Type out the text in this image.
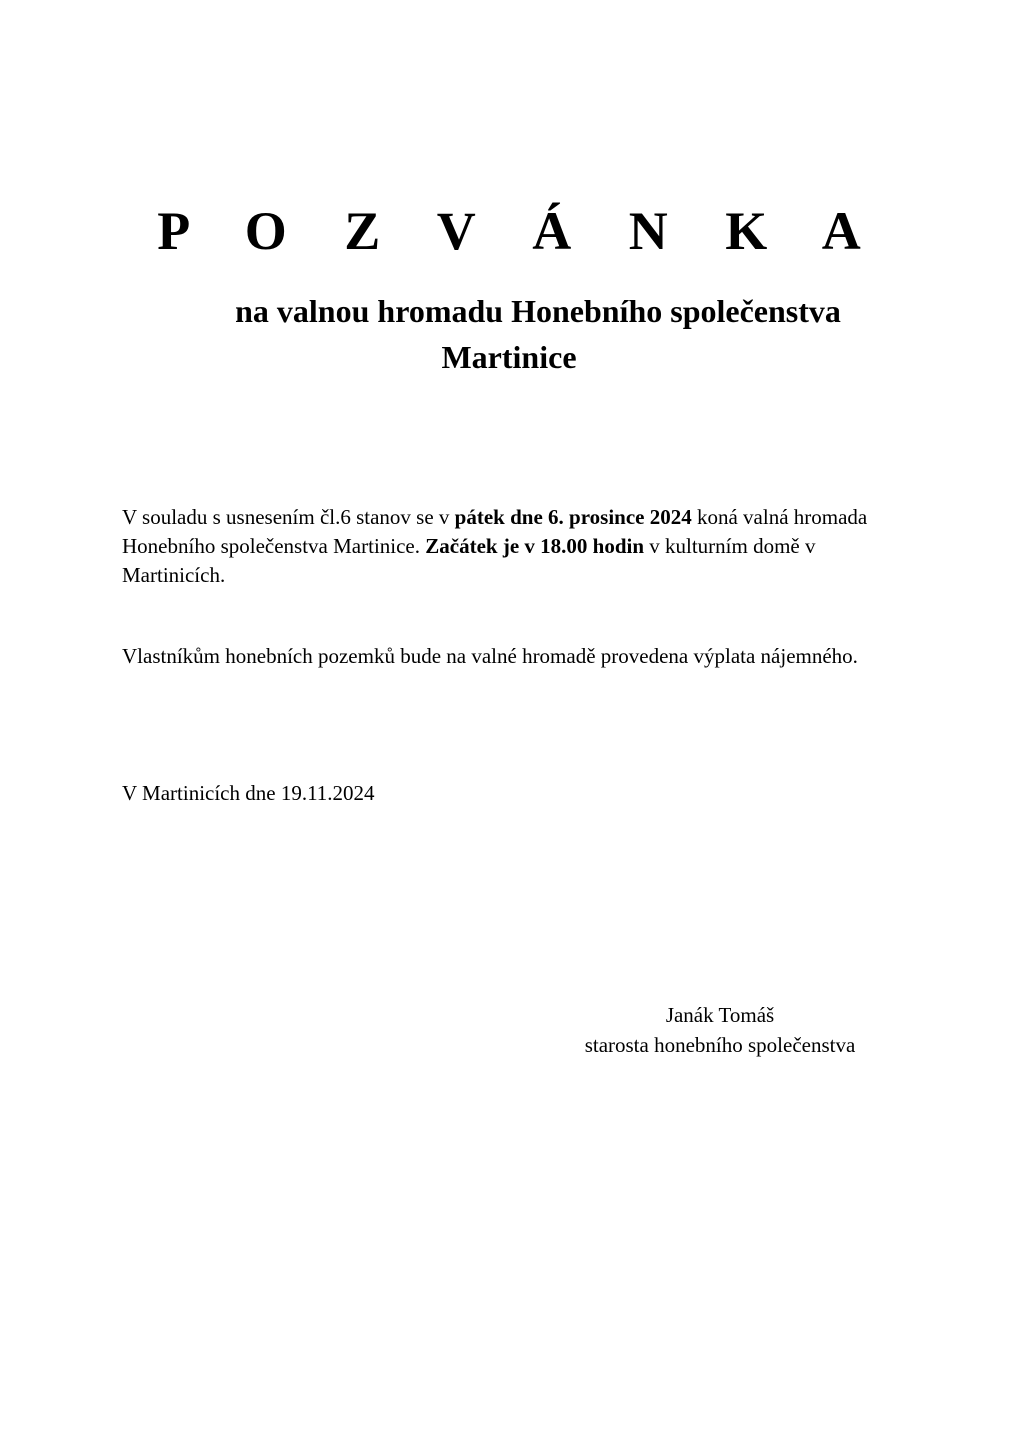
P O Z V Á N K A
na valnou hromadu Honebního společenstva
Martinice

V souladu s usnesením čl.6 stanov se v pátek dne 6. prosince 2024 koná valná hromada Honebního společenstva Martinice. Začátek je v 18.00 hodin v kulturním domě v Martinicích.

Vlastníkům honebních pozemků bude na valné hromadě provedena výplata nájemného.

V Martinicích dne 19.11.2024

Janák Tomáš
starosta honebního společenstva
